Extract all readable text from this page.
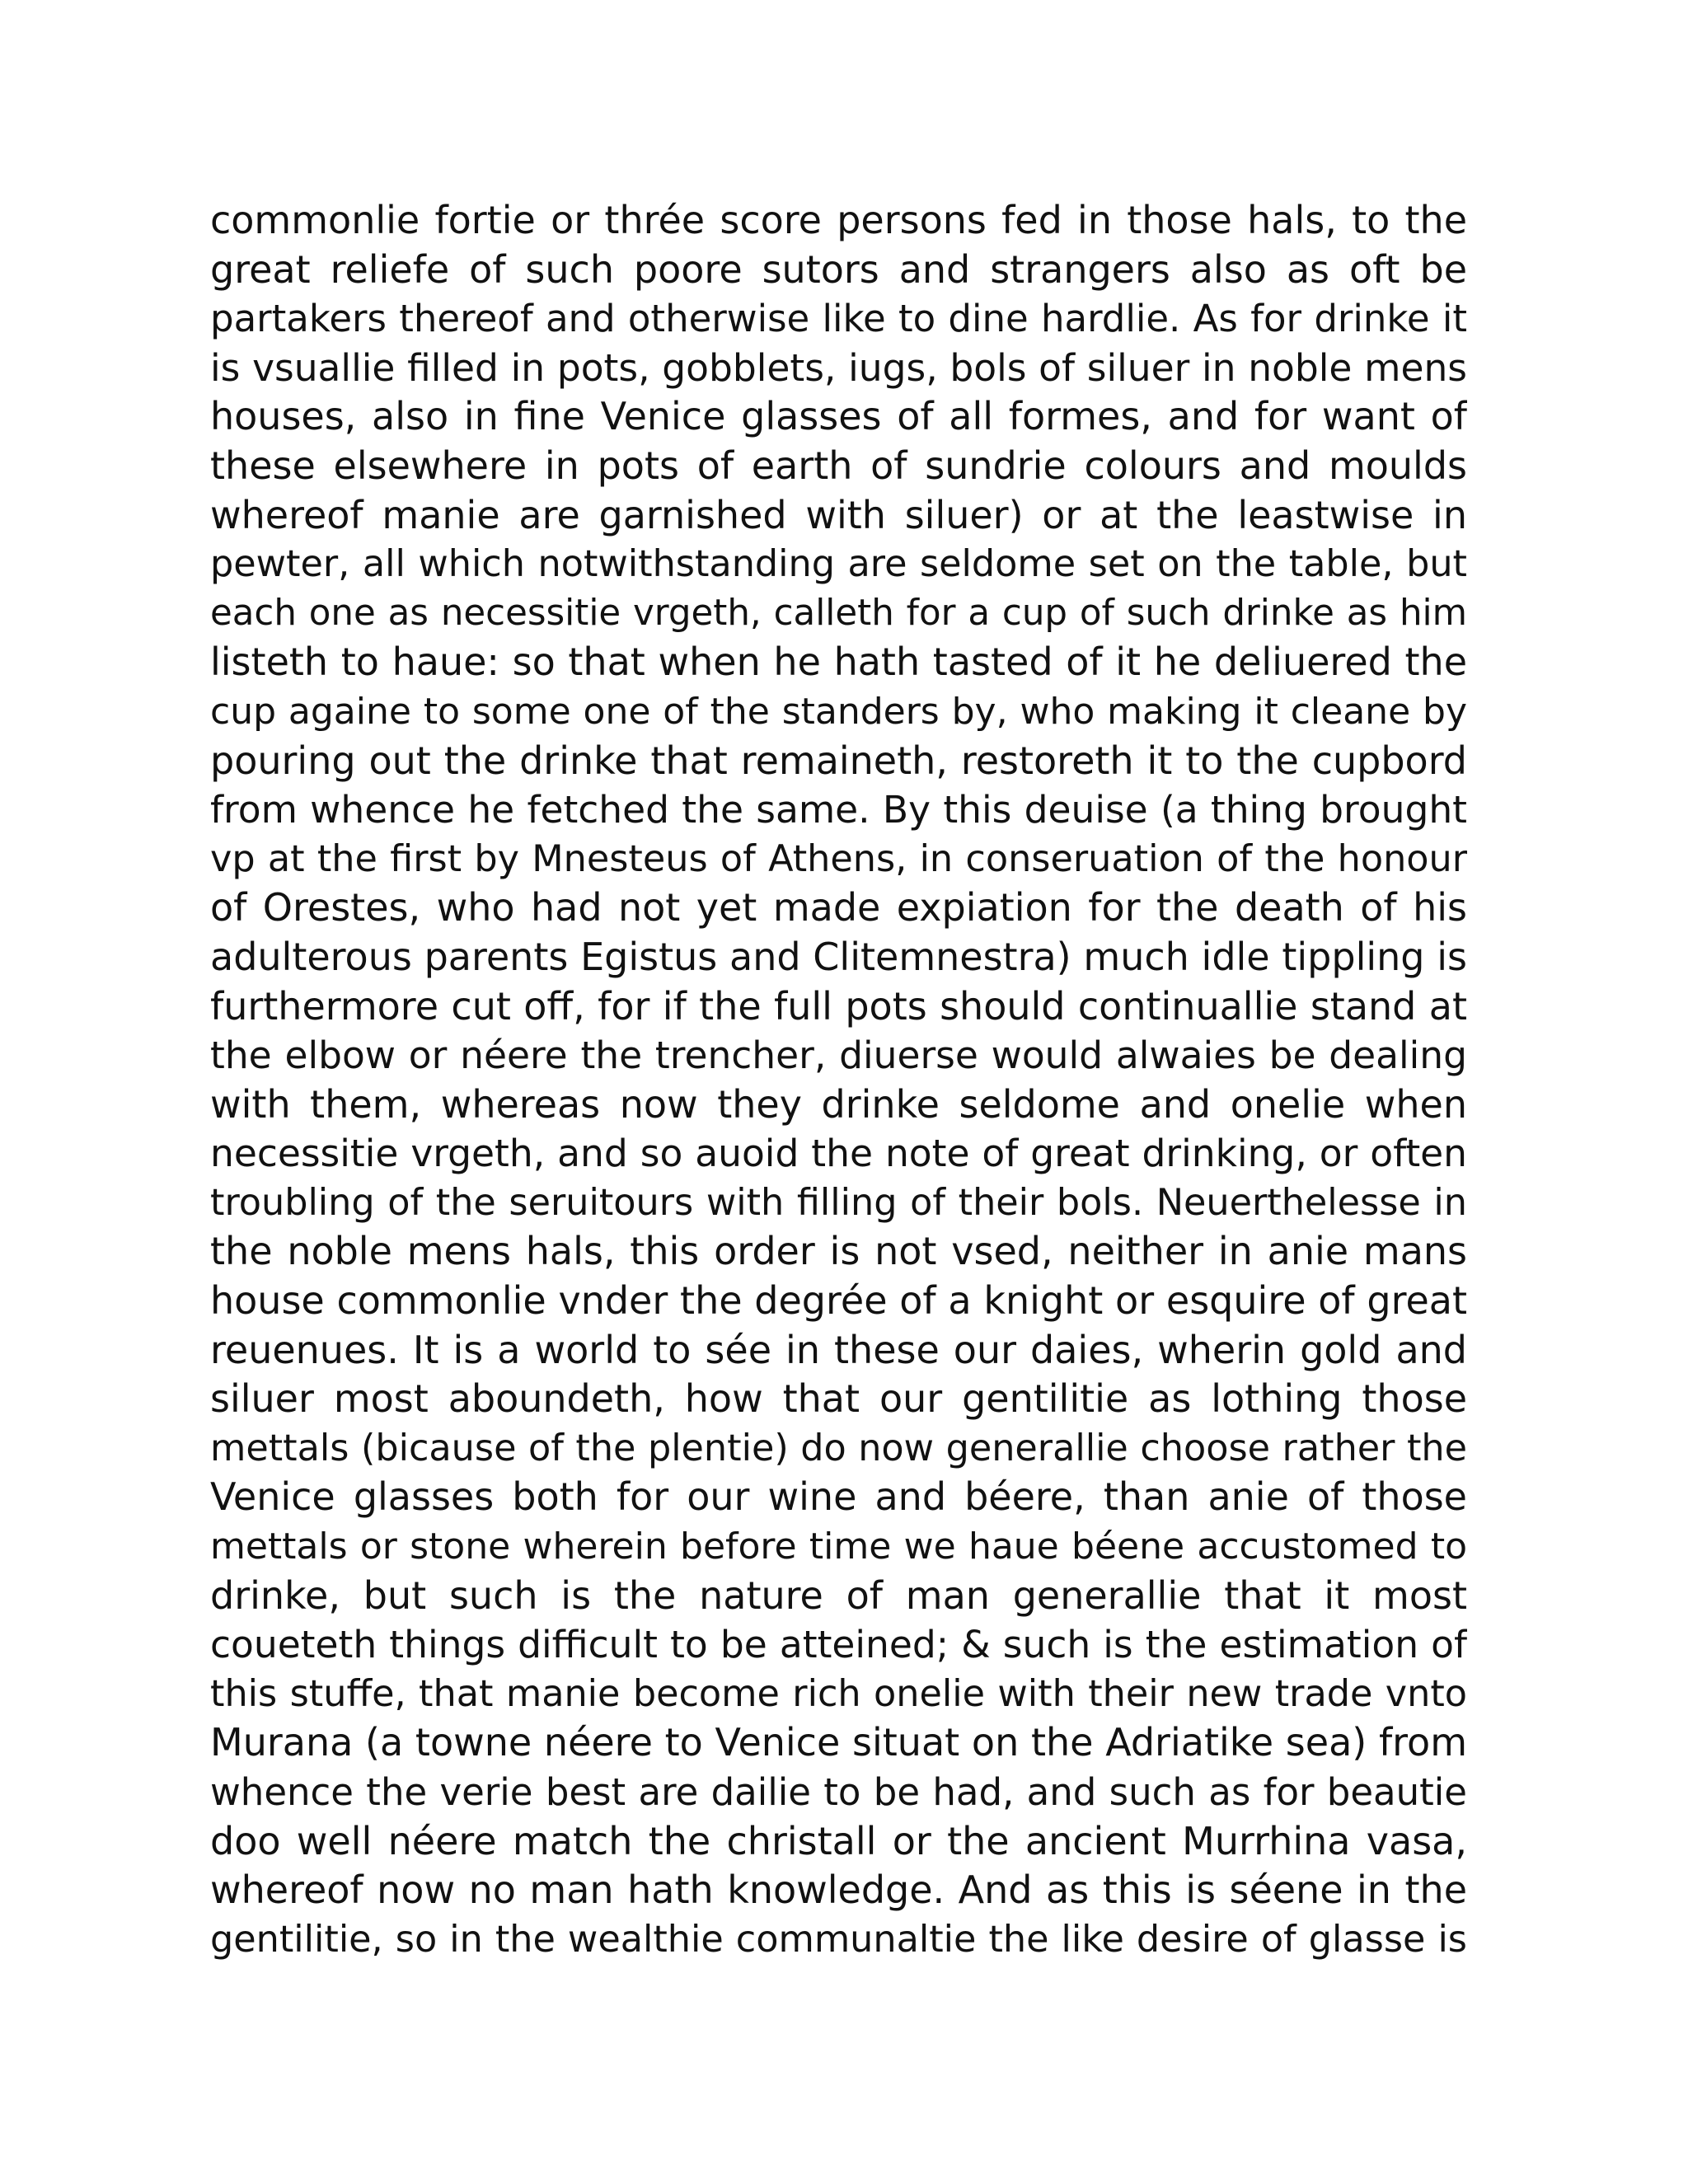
commonlie fortie or thrée score persons fed in those hals, to the
great reliefe of such poore sutors and strangers also as oft be
partakers thereof and otherwise like to dine hardlie. As for drinke it
is vsuallie filled in pots, gobblets, iugs, bols of siluer in noble mens
houses, also in fine Venice glasses of all formes, and for want of
these elsewhere in pots of earth of sundrie colours and moulds
whereof manie are garnished with siluer) or at the leastwise in
pewter, all which notwithstanding are seldome set on the table, but
each one as necessitie vrgeth, calleth for a cup of such drinke as him
listeth to haue: so that when he hath tasted of it he deliuered the
cup againe to some one of the standers by, who making it cleane by
pouring out the drinke that remaineth, restoreth it to the cupbord
from whence he fetched the same. By this deuise (a thing brought
vp at the first by Mnesteus of Athens, in conseruation of the honour
of Orestes, who had not yet made expiation for the death of his
adulterous parents Egistus and Clitemnestra) much idle tippling is
furthermore cut off, for if the full pots should continuallie stand at
the elbow or néere the trencher, diuerse would alwaies be dealing
with them, whereas now they drinke seldome and onelie when
necessitie vrgeth, and so auoid the note of great drinking, or often
troubling of the seruitours with filling of their bols. Neuerthelesse in
the noble mens hals, this order is not vsed, neither in anie mans
house commonlie vnder the degrée of a knight or esquire of great
reuenues. It is a world to sée in these our daies, wherin gold and
siluer most aboundeth, how that our gentilitie as lothing those
mettals (bicause of the plentie) do now generallie choose rather the
Venice glasses both for our wine and béere, than anie of those
mettals or stone wherein before time we haue béene accustomed to
drinke, but such is the nature of man generallie that it most
coueteth things difficult to be atteined; & such is the estimation of
this stuffe, that manie become rich onelie with their new trade vnto
Murana (a towne néere to Venice situat on the Adriatike sea) from
whence the verie best are dailie to be had, and such as for beautie
doo well néere match the christall or the ancient Murrhina vasa,
whereof now no man hath knowledge. And as this is séene in the
gentilitie, so in the wealthie communaltie the like desire of glasse is
